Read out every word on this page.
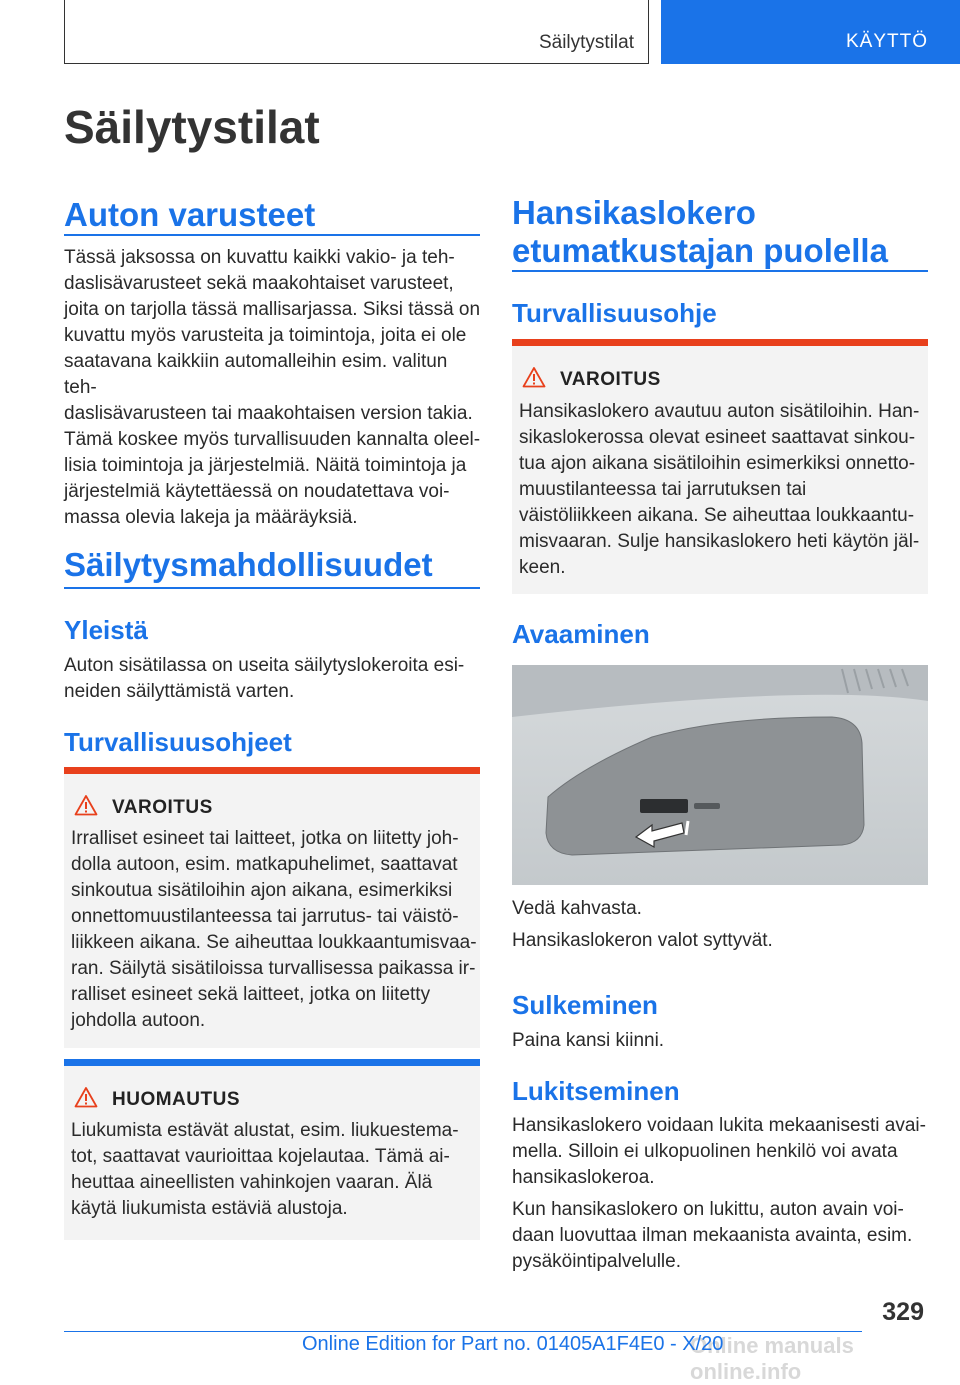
Säilytystilat	KÄYTTÖ
Säilytystilat
Auton varusteet
Tässä jaksossa on kuvattu kaikki vakio- ja teh-
daslisävarusteet sekä maakohtaiset varusteet,
joita on tarjolla tässä mallisarjassa. Siksi tässä on
kuvattu myös varusteita ja toimintoja, joita ei ole
saatavana kaikkiin automalleihin esim. valitun teh-
daslisävarusteen tai maakohtaisen version takia.
Tämä koskee myös turvallisuuden kannalta oleel-
lisia toimintoja ja järjestelmiä. Näitä toimintoja ja
järjestelmiä käytettäessä on noudatettava voi-
massa olevia lakeja ja määräyksiä.
Säilytysmahdollisuudet
Yleistä
Auton sisätilassa on useita säilytyslokeroita esi-
neiden säilyttämistä varten.
Turvallisuusohjeet
VAROITUS
Irralliset esineet tai laitteet, jotka on liitetty joh-
dolla autoon, esim. matkapuhelimet, saattavat
sinkoutua sisätiloihin ajon aikana, esimerkiksi
onnettomuustilanteessa tai jarrutus- tai väistö-
liikkeen aikana. Se aiheuttaa loukkaantumisvaa-
ran. Säilytä sisätiloissa turvallisessa paikassa ir-
ralliset esineet sekä laitteet, jotka on liitetty
johdolla autoon.
HUOMAUTUS
Liukumista estävät alustat, esim. liukuestema-
tot, saattavat vaurioittaa kojelautaa. Tämä ai-
heuttaa aineellisten vahinkojen vaaran. Älä
käytä liukumista estäviä alustoja.
Hansikaslokero
etumatkustajan puolella
Turvallisuusohje
VAROITUS
Hansikaslokero avautuu auton sisätiloihin. Han-
sikaslokerossa olevat esineet saattavat sinkou-
tua ajon aikana sisätiloihin esimerkiksi onnetto-
muustilanteessa tai jarrutuksen tai
väistöliikkeen aikana. Se aiheuttaa loukkaantu-
misvaaran. Sulje hansikaslokero heti käytön jäl-
keen.
Avaaminen
Vedä kahvasta.
Hansikaslokeron valot syttyvät.
Sulkeminen
Paina kansi kiinni.
Lukitseminen
Hansikaslokero voidaan lukita mekaanisesti avai-
mella. Silloin ei ulkopuolinen henkilö voi avata
hansikaslokeroa.
Kun hansikaslokero on lukittu, auton avain voi-
daan luovuttaa ilman mekaanista avainta, esim.
pysäköintipalvelulle.
329
Online manuals online.info
Online Edition for Part no. 01405A1F4E0 - X/20
